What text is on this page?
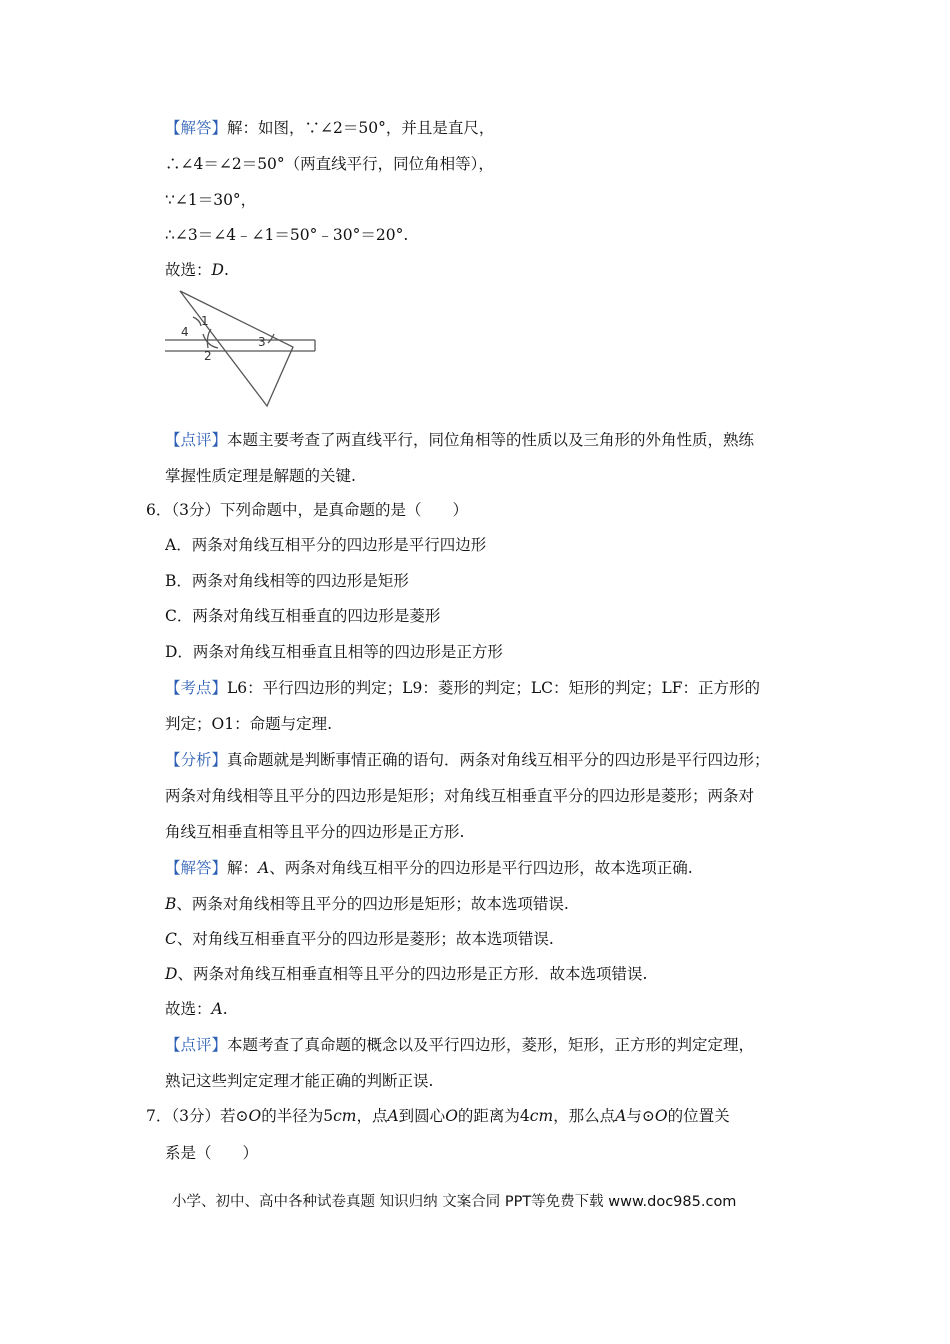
【解答】解：如图，∵∠2＝50°，并且是直尺，
∴∠4＝∠2＝50°（两直线平行，同位角相等），
∵∠1＝30°，
∴∠3＝∠4﹣∠1＝50°﹣30°＝20°.
故选：D.
1
2
3
4
【点评】本题主要考查了两直线平行，同位角相等的性质以及三角形的外角性质，熟练
掌握性质定理是解题的关键.
6．（3分）下列命题中，是真命题的是（　　）
A．两条对角线互相平分的四边形是平行四边形
B．两条对角线相等的四边形是矩形
C．两条对角线互相垂直的四边形是菱形
D．两条对角线互相垂直且相等的四边形是正方形
【考点】L6：平行四边形的判定；L9：菱形的判定；LC：矩形的判定；LF：正方形的
判定；O1：命题与定理.
【分析】真命题就是判断事情正确的语句．两条对角线互相平分的四边形是平行四边形；
两条对角线相等且平分的四边形是矩形；对角线互相垂直平分的四边形是菱形；两条对
角线互相垂直相等且平分的四边形是正方形.
【解答】解：A、两条对角线互相平分的四边形是平行四边形，故本选项正确.
B、两条对角线相等且平分的四边形是矩形；故本选项错误.
C、对角线互相垂直平分的四边形是菱形；故本选项错误.
D、两条对角线互相垂直相等且平分的四边形是正方形．故本选项错误.
故选：A.
【点评】本题考查了真命题的概念以及平行四边形，菱形，矩形，正方形的判定定理，
熟记这些判定定理才能正确的判断正误.
7．（3分）若⊙O的半径为5cm，点A到圆心O的距离为4cm，那么点A与⊙O的位置关
系是（　　）
小学、初中、高中各种试卷真题 知识归纳 文案合同 PPT等免费下载 www.doc985.com
